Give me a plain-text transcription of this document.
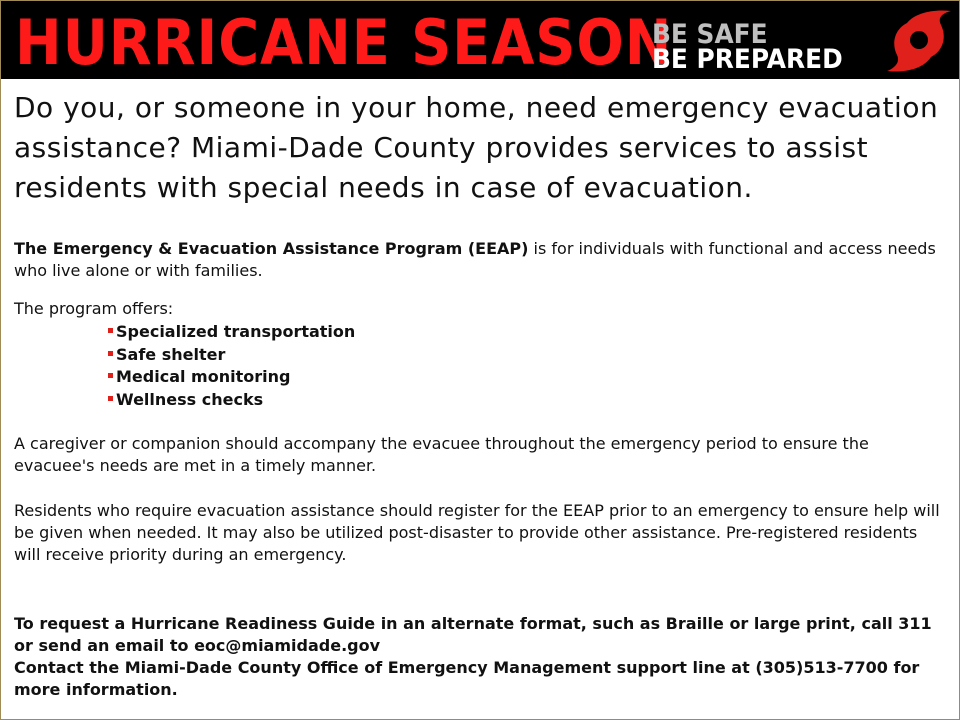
HURRICANE SEASON
BE SAFE
BE PREPARED
Do you, or someone in your home, need emergency evacuation assistance? Miami-Dade County provides services to assist residents with special needs in case of evacuation.
The Emergency & Evacuation Assistance Program (EEAP) is for individuals with functional and access needs who live alone or with families.
The program offers:
Specialized transportation
Safe shelter
Medical monitoring
Wellness checks
A caregiver or companion should accompany the evacuee throughout the emergency period to ensure the evacuee's needs are met in a timely manner.
Residents who require evacuation assistance should register for the EEAP prior to an emergency to ensure help will be given when needed. It may also be utilized post-disaster to provide other assistance. Pre-registered residents will receive priority during an emergency.
To request a Hurricane Readiness Guide in an alternate format, such as Braille or large print, call 311 or send an email to eoc@miamidade.gov
Contact the Miami-Dade County Office of Emergency Management support line at (305)513-7700 for more information.
